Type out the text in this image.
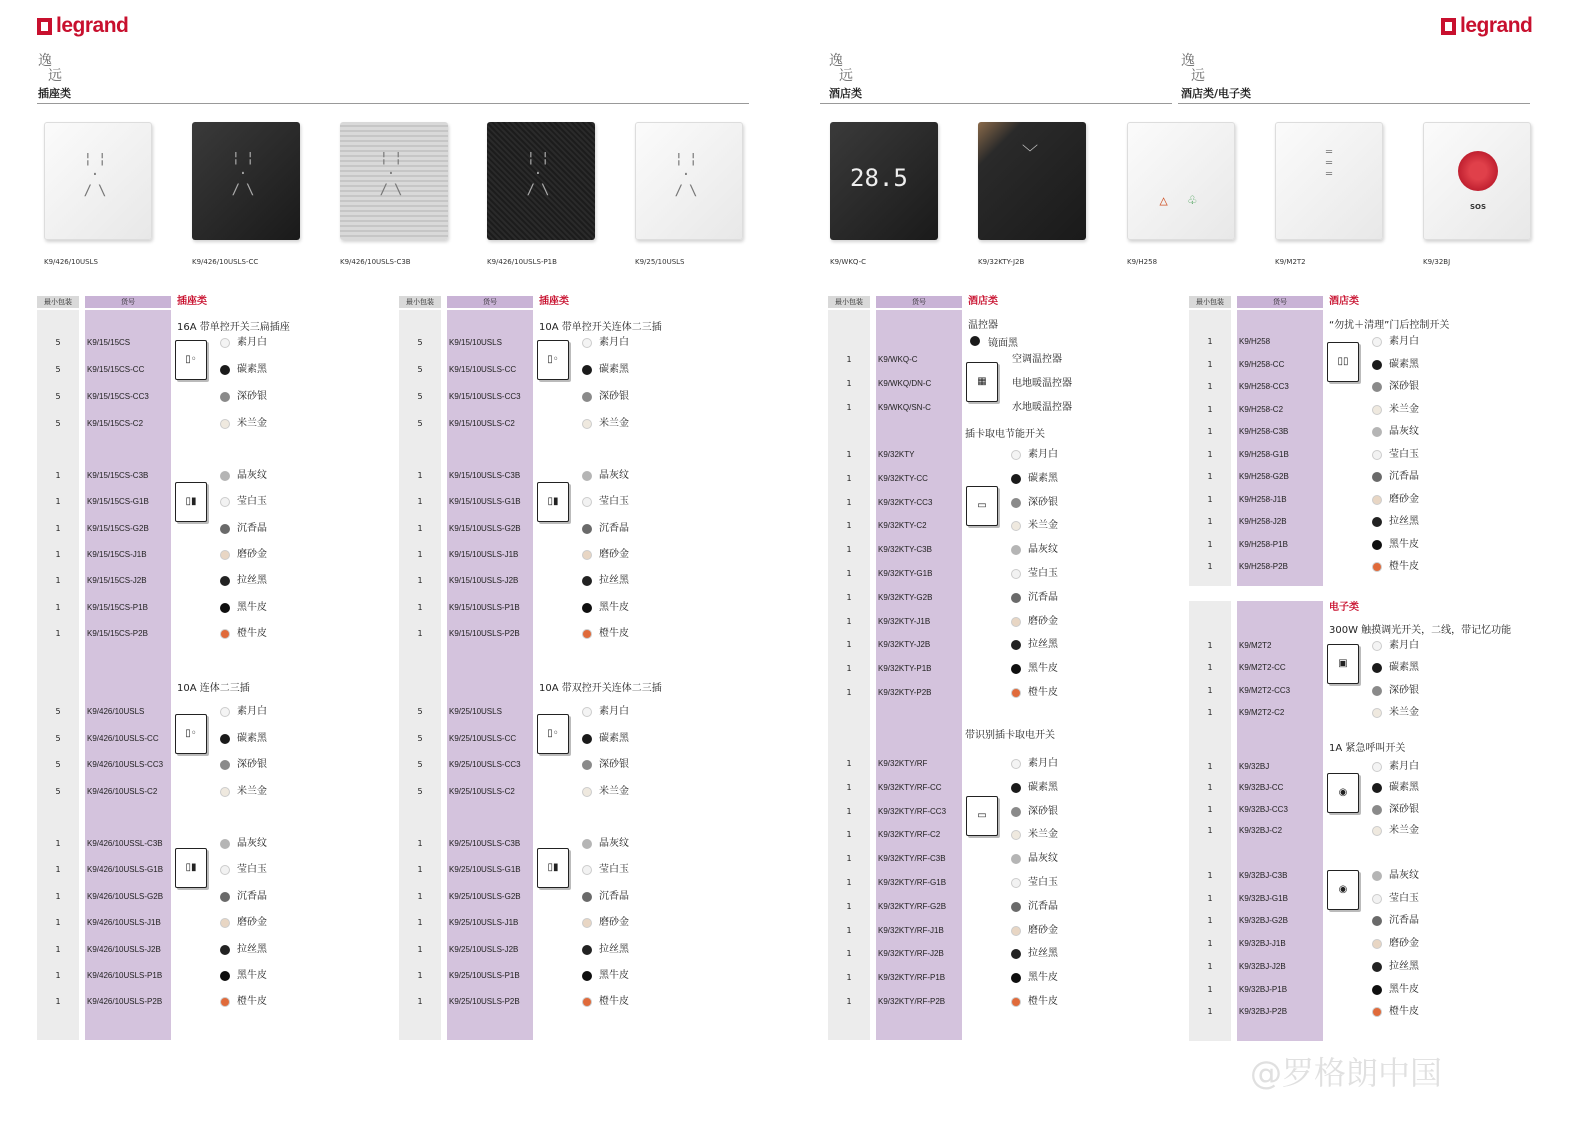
legrand	legrand
逸
远
插座类
逸
远
酒店类
逸
远
酒店类/电子类
¦¦
·
/\
K9/426/10USLS
¦¦
·
/\
K9/426/10USLS-CC
¦¦
·
/\
K9/426/10USLS-C3B
¦¦
·
/\
K9/426/10USLS-P1B
¦¦
·
/\
K9/25/10USLS
28.5
K9/WKQ-C
﹀
K9/32KTY-J2B
△ ♧
K9/H258
═
═
═
K9/M2T2
SOS
K9/32BJ
最小包装	货号	插座类
16A 带单控开关三扁插座
5	K9/15/15CS	素月白
5	K9/15/15CS-CC	碳素黑
5	K9/15/15CS-CC3	深砂银
5	K9/15/15CS-C2	米兰金
▯◦
1	K9/15/15CS-C3B	晶灰纹
1	K9/15/15CS-G1B	莹白玉
1	K9/15/15CS-G2B	沉香晶
1	K9/15/15CS-J1B	磨砂金
1	K9/15/15CS-J2B	拉丝黑
1	K9/15/15CS-P1B	黑牛皮
1	K9/15/15CS-P2B	橙牛皮
▯▮
10A 连体二三插
5	K9/426/10USLS	素月白
5	K9/426/10USLS-CC	碳素黑
5	K9/426/10USLS-CC3	深砂银
5	K9/426/10USLS-C2	米兰金
▯◦
1	K9/426/10USSL-C3B	晶灰纹
1	K9/426/10USLS-G1B	莹白玉
1	K9/426/10USLS-G2B	沉香晶
1	K9/426/10USLS-J1B	磨砂金
1	K9/426/10USLS-J2B	拉丝黑
1	K9/426/10USLS-P1B	黑牛皮
1	K9/426/10USLS-P2B	橙牛皮
▯▮
最小包装	货号	插座类
10A 带单控开关连体二三插
5	K9/15/10USLS	素月白
5	K9/15/10USLS-CC	碳素黑
5	K9/15/10USLS-CC3	深砂银
5	K9/15/10USLS-C2	米兰金
▯◦
1	K9/15/10USLS-C3B	晶灰纹
1	K9/15/10USLS-G1B	莹白玉
1	K9/15/10USLS-G2B	沉香晶
1	K9/15/10USLS-J1B	磨砂金
1	K9/15/10USLS-J2B	拉丝黑
1	K9/15/10USLS-P1B	黑牛皮
1	K9/15/10USLS-P2B	橙牛皮
▯▮
10A 带双控开关连体二三插
5	K9/25/10USLS	素月白
5	K9/25/10USLS-CC	碳素黑
5	K9/25/10USLS-CC3	深砂银
5	K9/25/10USLS-C2	米兰金
▯◦
1	K9/25/10USLS-C3B	晶灰纹
1	K9/25/10USLS-G1B	莹白玉
1	K9/25/10USLS-G2B	沉香晶
1	K9/25/10USLS-J1B	磨砂金
1	K9/25/10USLS-J2B	拉丝黑
1	K9/25/10USLS-P1B	黑牛皮
1	K9/25/10USLS-P2B	橙牛皮
▯▮
最小包装	货号	酒店类
温控器
镜面黑
1	K9/WKQ-C	空调温控器
1	K9/WKQ/DN-C	电地暖温控器
1	K9/WKQ/SN-C	水地暖温控器
▦
插卡取电节能开关
1	K9/32KTY	素月白
1	K9/32KTY-CC	碳素黑
1	K9/32KTY-CC3	深砂银
1	K9/32KTY-C2	米兰金
1	K9/32KTY-C3B	晶灰纹
1	K9/32KTY-G1B	莹白玉
1	K9/32KTY-G2B	沉香晶
1	K9/32KTY-J1B	磨砂金
1	K9/32KTY-J2B	拉丝黑
1	K9/32KTY-P1B	黑牛皮
1	K9/32KTY-P2B	橙牛皮
▭
带识别插卡取电开关
1	K9/32KTY/RF	素月白
1	K9/32KTY/RF-CC	碳素黑
1	K9/32KTY/RF-CC3	深砂银
1	K9/32KTY/RF-C2	米兰金
1	K9/32KTY/RF-C3B	晶灰纹
1	K9/32KTY/RF-G1B	莹白玉
1	K9/32KTY/RF-G2B	沉香晶
1	K9/32KTY/RF-J1B	磨砂金
1	K9/32KTY/RF-J2B	拉丝黑
1	K9/32KTY/RF-P1B	黑牛皮
1	K9/32KTY/RF-P2B	橙牛皮
▭
最小包装	货号	酒店类
“勿扰＋清理”门后控制开关
1	K9/H258	素月白
1	K9/H258-CC	碳素黑
1	K9/H258-CC3	深砂银
1	K9/H258-C2	米兰金
1	K9/H258-C3B	晶灰纹
1	K9/H258-G1B	莹白玉
1	K9/H258-G2B	沉香晶
1	K9/H258-J1B	磨砂金
1	K9/H258-J2B	拉丝黑
1	K9/H258-P1B	黑牛皮
1	K9/H258-P2B	橙牛皮
▯▯
电子类
300W 触摸调光开关，二线，带记忆功能
1	K9/M2T2	素月白
1	K9/M2T2-CC	碳素黑
1	K9/M2T2-CC3	深砂银
1	K9/M2T2-C2	米兰金
▣
1A 紧急呼叫开关
1	K9/32BJ	素月白
1	K9/32BJ-CC	碳素黑
1	K9/32BJ-CC3	深砂银
1	K9/32BJ-C2	米兰金
◉
1	K9/32BJ-C3B	晶灰纹
1	K9/32BJ-G1B	莹白玉
1	K9/32BJ-G2B	沉香晶
1	K9/32BJ-J1B	磨砂金
1	K9/32BJ-J2B	拉丝黑
1	K9/32BJ-P1B	黑牛皮
1	K9/32BJ-P2B	橙牛皮
◉
@罗格朗中国
